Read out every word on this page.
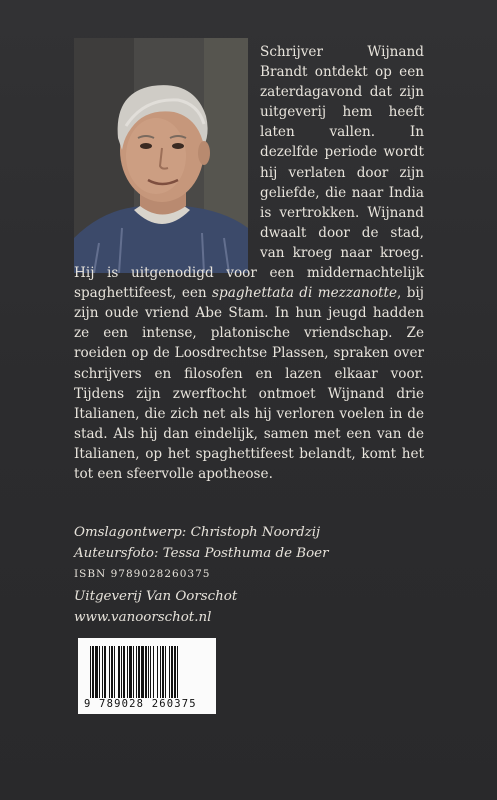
Schrijver Wijnand Brandt ontdekt op een zaterdagavond dat zijn uitgeverij hem heeft laten vallen. In dezelfde periode wordt hij verlaten door zijn geliefde, die naar India is vertrokken. Wijnand dwaalt door de stad, van kroeg naar kroeg. Hij is uitgenodigd voor een middernachtelijk spaghettifeest, een spaghettata di mezzanotte, bij zijn oude vriend Abe Stam. In hun jeugd hadden ze een intense, platonische vriendschap. Ze roeiden op de Loosdrechtse Plassen, spraken over schrijvers en filosofen en lazen elkaar voor. Tijdens zijn zwerftocht ontmoet Wijnand drie Italianen, die zich net als hij verloren voelen in de stad. Als hij dan eindelijk, samen met een van de Italianen, op het spaghettifeest belandt, komt het tot een sfeervolle apotheose.
Omslagontwerp: Christoph Noordzij
Auteursfoto: Tessa Posthuma de Boer
ISBN 9789028260375
Uitgeverij Van Oorschot
www.vanoorschot.nl
9 789028 260375
